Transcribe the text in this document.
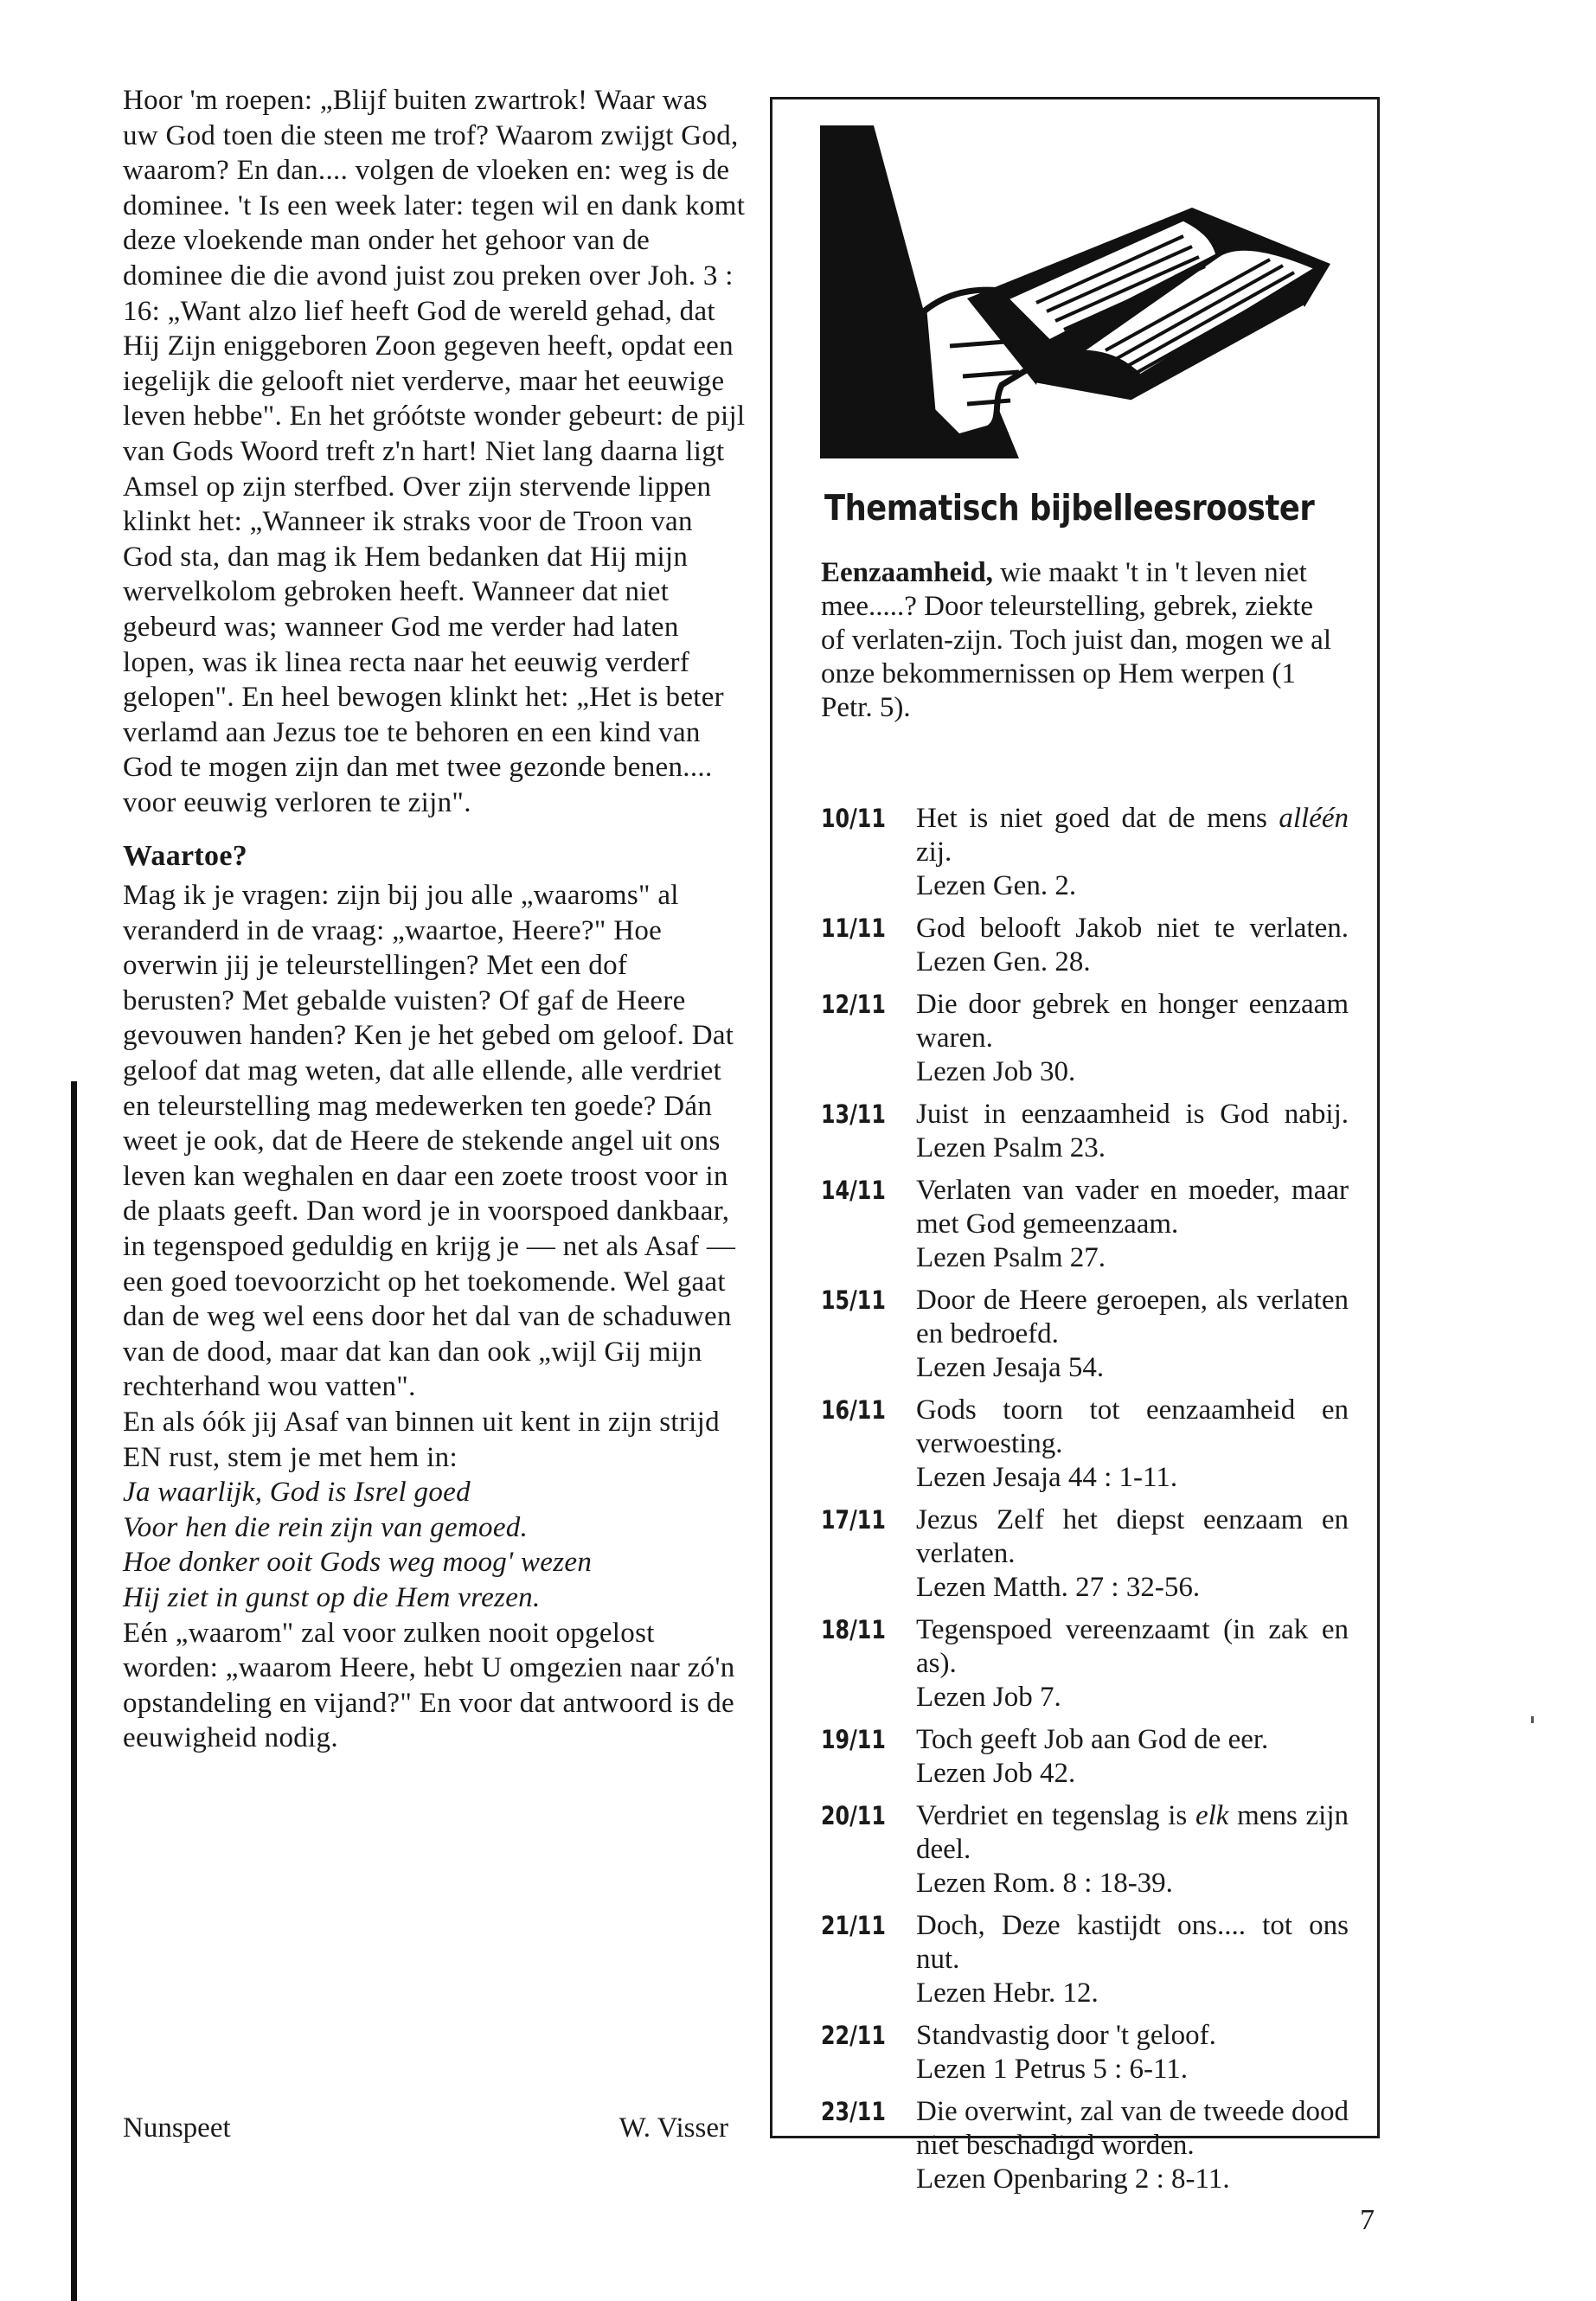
Hoor 'm roepen: „Blijf buiten zwartrok! Waar was uw God toen die steen me trof? Waarom zwijgt God, waarom? En dan.... volgen de vloeken en: weg is de dominee. 't Is een week later: tegen wil en dank komt deze vloekende man onder het gehoor van de dominee die die avond juist zou preken over Joh. 3 : 16: „Want alzo lief heeft God de wereld gehad, dat Hij Zijn eniggeboren Zoon gegeven heeft, opdat een iegelijk die gelooft niet verderve, maar het eeuwige leven hebbe". En het gróótste wonder gebeurt: de pijl van Gods Woord treft z'n hart! Niet lang daarna ligt Amsel op zijn sterfbed. Over zijn stervende lippen klinkt het: „Wanneer ik straks voor de Troon van God sta, dan mag ik Hem bedanken dat Hij mijn wervelkolom gebroken heeft. Wanneer dat niet gebeurd was; wanneer God me verder had laten lopen, was ik linea recta naar het eeuwig verderf gelopen". En heel bewogen klinkt het: „Het is beter verlamd aan Jezus toe te behoren en een kind van God te mogen zijn dan met twee gezonde benen.... voor eeuwig verloren te zijn".

Waartoe?

Mag ik je vragen: zijn bij jou alle „waaroms" al veranderd in de vraag: „waartoe, Heere?" Hoe overwin jij je teleurstellingen? Met een dof berusten? Met gebalde vuisten? Of gaf de Heere gevouwen handen? Ken je het gebed om geloof. Dat geloof dat mag weten, dat alle ellende, alle verdriet en teleurstelling mag medewerken ten goede? Dán weet je ook, dat de Heere de stekende angel uit ons leven kan weghalen en daar een zoete troost voor in de plaats geeft. Dan word je in voorspoed dankbaar, in tegenspoed geduldig en krijg je — net als Asaf — een goed toevoorzicht op het toekomende. Wel gaat dan de weg wel eens door het dal van de schaduwen van de dood, maar dat kan dan ook „wijl Gij mijn rechterhand wou vatten".

En als óók jij Asaf van binnen uit kent in zijn strijd EN rust, stem je met hem in:

Ja waarlijk, God is Isrel goed
Voor hen die rein zijn van gemoed.
Hoe donker ooit Gods weg moog' wezen
Hij ziet in gunst op die Hem vrezen.

Eén „waarom" zal voor zulken nooit opgelost worden: „waarom Heere, hebt U omgezien naar zó'n opstandeling en vijand?" En voor dat antwoord is de eeuwigheid nodig.

Nunspeet	W. Visser
Thematisch bijbelleesrooster
Eenzaamheid, wie maakt 't in 't leven niet mee.....? Door teleurstelling, gebrek, ziekte of verlaten-zijn. Toch juist dan, mogen we al onze bekommernissen op Hem werpen (1 Petr. 5).
10/11	Het is niet goed dat de mens alléén zij.
Lezen Gen. 2.
11/11	God belooft Jakob niet te verlaten. Lezen Gen. 28.
12/11	Die door gebrek en honger eenzaam waren.
Lezen Job 30.
13/11	Juist in eenzaamheid is God nabij. Lezen Psalm 23.
14/11	Verlaten van vader en moeder, maar met God gemeenzaam.
Lezen Psalm 27.
15/11	Door de Heere geroepen, als verlaten en bedroefd.
Lezen Jesaja 54.
16/11	Gods toorn tot eenzaamheid en verwoesting.
Lezen Jesaja 44 : 1-11.
17/11	Jezus Zelf het diepst eenzaam en verlaten.
Lezen Matth. 27 : 32-56.
18/11	Tegenspoed vereenzaamt (in zak en as).
Lezen Job 7.
19/11	Toch geeft Job aan God de eer.
Lezen Job 42.
20/11	Verdriet en tegenslag is elk mens zijn deel.
Lezen Rom. 8 : 18-39.
21/11	Doch, Deze kastijdt ons.... tot ons nut.
Lezen Hebr. 12.
22/11	Standvastig door 't geloof.
Lezen 1 Petrus 5 : 6-11.
23/11	Die overwint, zal van de tweede dood niet beschadigd worden.
Lezen Openbaring 2 : 8-11.
7
